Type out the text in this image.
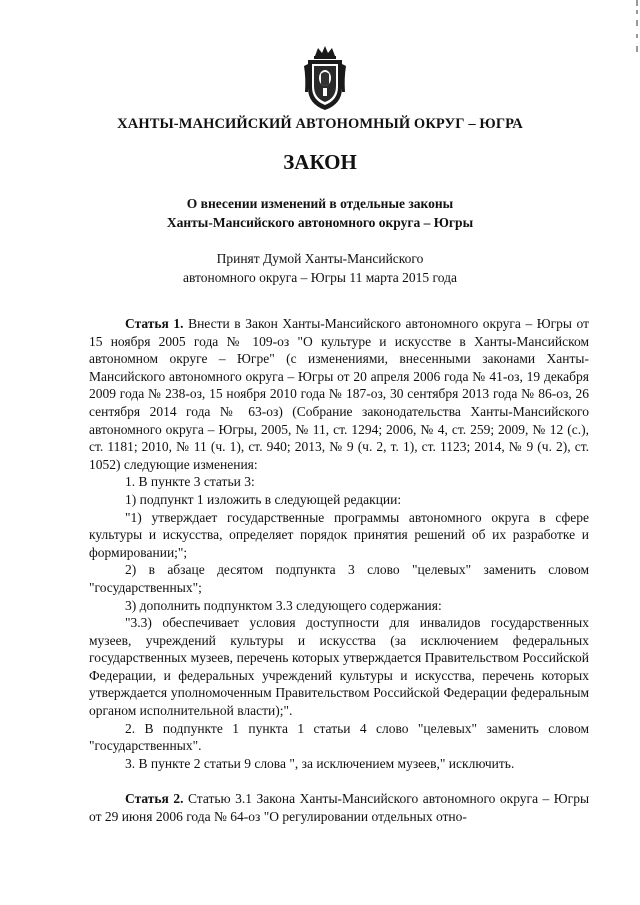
ХАНТЫ-МАНСИЙСКИЙ АВТОНОМНЫЙ ОКРУГ – ЮГРА
ЗАКОН
О внесении изменений в отдельные законы
Ханты-Мансийского автономного округа – Югры
Принят Думой Ханты-Мансийского
автономного округа – Югры 11 марта 2015 года

Статья 1. Внести в Закон Ханты-Мансийского автономного округа – Югры от 15 ноября 2005 года № 109-оз "О культуре и искусстве в Ханты-Мансийском автономном округе – Югре" (с изменениями, внесенными законами Ханты-Мансийского автономного округа – Югры от 20 апреля 2006 года № 41-оз, 19 декабря 2009 года № 238-оз, 15 ноября 2010 года № 187-оз, 30 сентября 2013 года № 86-оз, 26 сентября 2014 года № 63-оз) (Собрание законодательства Ханты-Мансийского автономного округа – Югры, 2005, № 11, ст. 1294; 2006, № 4, ст. 259; 2009, № 12 (с.), ст. 1181; 2010, № 11 (ч. 1), ст. 940; 2013, № 9 (ч. 2, т. 1), ст. 1123; 2014, № 9 (ч. 2), ст. 1052) следующие изменения:

1. В пункте 3 статьи 3:

1) подпункт 1 изложить в следующей редакции:

"1) утверждает государственные программы автономного округа в сфере культуры и искусства, определяет порядок принятия решений об их разработке и формировании;";

2) в абзаце десятом подпункта 3 слово "целевых" заменить словом "государственных";

3) дополнить подпунктом 3.3 следующего содержания:

"3.3) обеспечивает условия доступности для инвалидов государственных музеев, учреждений культуры и искусства (за исключением федеральных государственных музеев, перечень которых утверждается Правительством Российской Федерации, и федеральных учреждений культуры и искусства, перечень которых утверждается уполномоченным Правительством Российской Федерации федеральным органом исполнительной власти);".

2. В подпункте 1 пункта 1 статьи 4 слово "целевых" заменить словом "государственных".

3. В пункте 2 статьи 9 слова ", за исключением музеев," исключить.

Статья 2. Статью 3.1 Закона Ханты-Мансийского автономного округа – Югры от 29 июня 2006 года № 64-оз "О регулировании отдельных отно-
